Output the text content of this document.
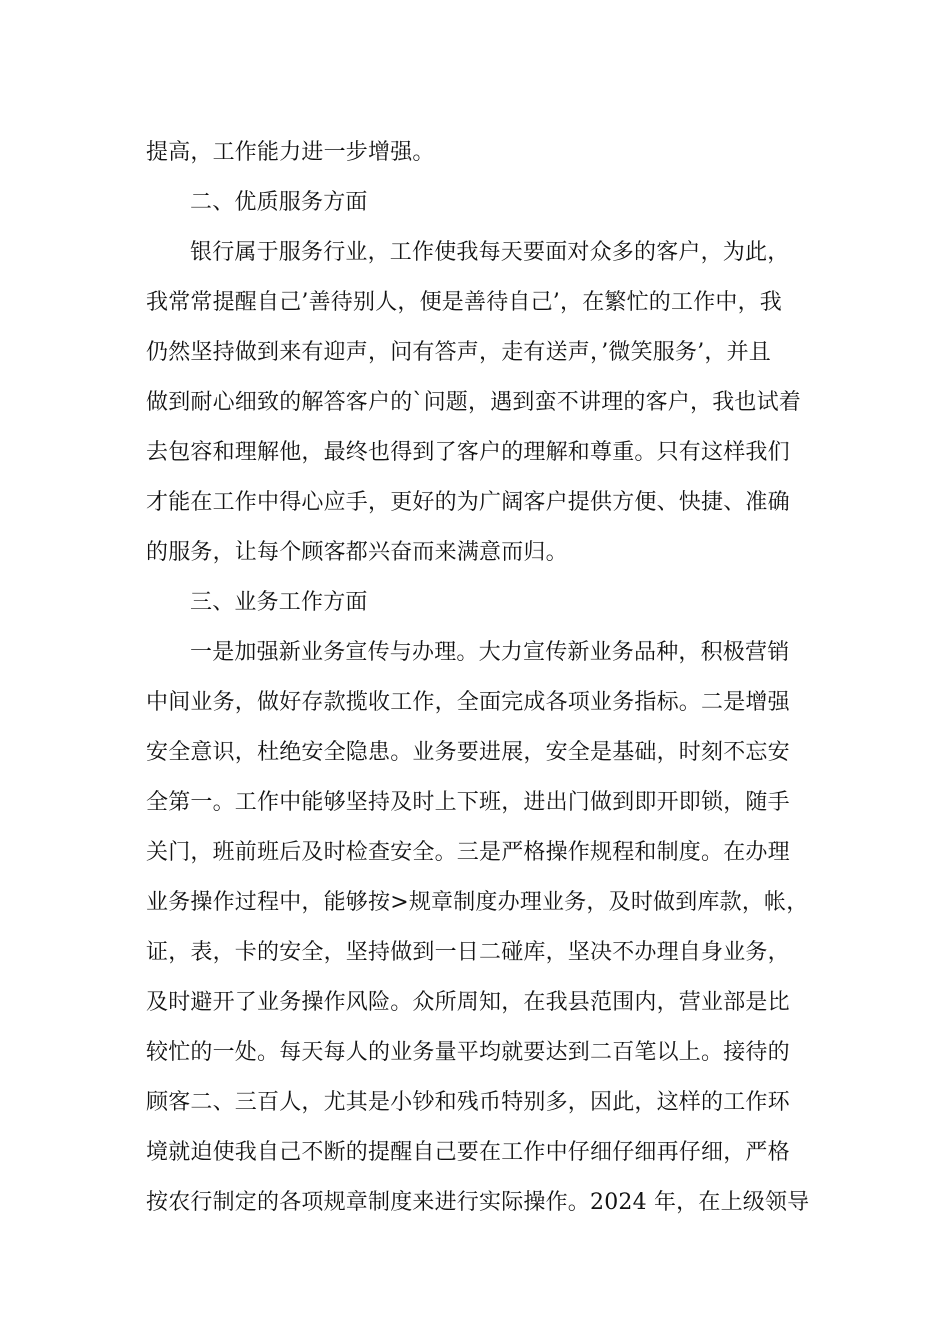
提高，工作能力进一步增强。
二、优质服务方面
银行属于服务行业，工作使我每天要面对众多的客户，为此，
我常常提醒自己’善待别人，便是善待自己’，在繁忙的工作中，我
仍然坚持做到来有迎声，问有答声，走有送声，’微笑服务’，并且
做到耐心细致的解答客户的`问题，遇到蛮不讲理的客户，我也试着
去包容和理解他，最终也得到了客户的理解和尊重。只有这样我们
才能在工作中得心应手，更好的为广阔客户提供方便、快捷、准确
的服务，让每个顾客都兴奋而来满意而归。
三、业务工作方面
一是加强新业务宣传与办理。大力宣传新业务品种，积极营销
中间业务，做好存款揽收工作，全面完成各项业务指标。二是增强
安全意识，杜绝安全隐患。业务要进展，安全是基础，时刻不忘安
全第一。工作中能够坚持及时上下班，进出门做到即开即锁，随手
关门，班前班后及时检查安全。三是严格操作规程和制度。在办理
业务操作过程中，能够按>规章制度办理业务，及时做到库款，帐，
证，表，卡的安全，坚持做到一日二碰库，坚决不办理自身业务，
及时避开了业务操作风险。众所周知，在我县范围内，营业部是比
较忙的一处。每天每人的业务量平均就要达到二百笔以上。接待的
顾客二、三百人，尤其是小钞和残币特别多，因此，这样的工作环
境就迫使我自己不断的提醒自己要在工作中仔细仔细再仔细，严格
按农行制定的各项规章制度来进行实际操作。2024 年，在上级领导
